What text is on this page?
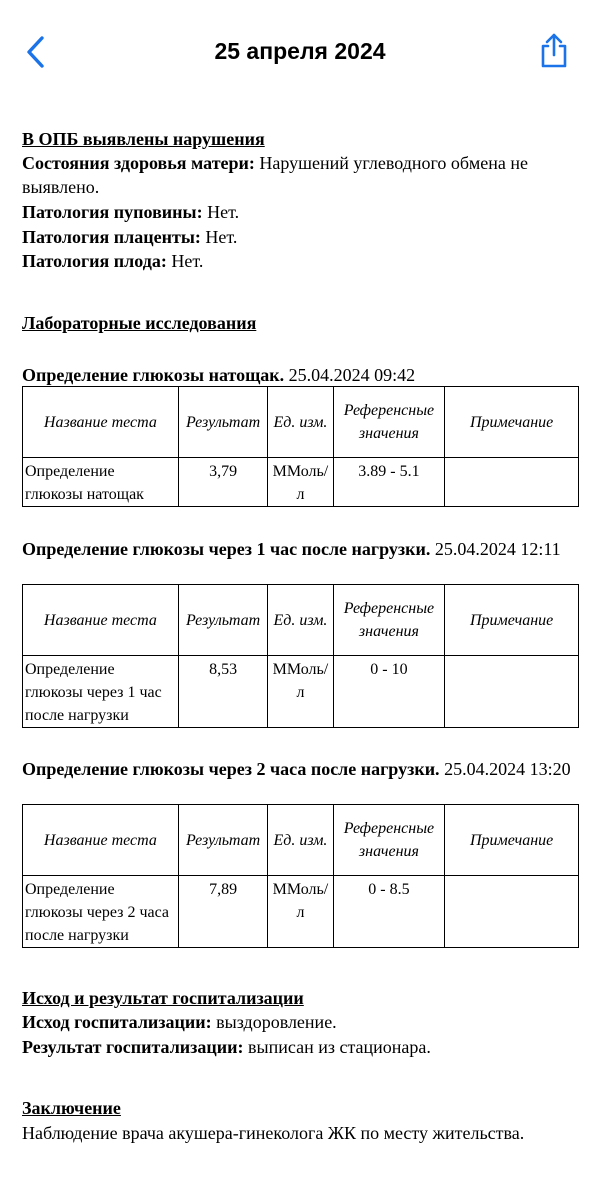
25 апреля 2024

В ОПБ выявлены нарушения

Состояния здоровья матери: Нарушений углеводного обмена не выявлено.

Патология пуповины: Нет.

Патология плаценты: Нет.

Патология плода: Нет.

Лабораторные исследования

Определение глюкозы натощак. 25.04.2024 09:42

Название теста	Результат	Ед. изм.	Референсные значения	Примечание
Определение глюкозы натощак	3,79	ММоль/л	3.89 - 5.1	

Определение глюкозы через 1 час после нагрузки. 25.04.2024 12:11

Название теста	Результат	Ед. изм.	Референсные значения	Примечание
Определение глюкозы через 1 час после нагрузки	8,53	ММоль/л	0 - 10	

Определение глюкозы через 2 часа после нагрузки. 25.04.2024 13:20

Название теста	Результат	Ед. изм.	Референсные значения	Примечание
Определение глюкозы через 2 часа после нагрузки	7,89	ММоль/л	0 - 8.5	

Исход и результат госпитализации

Исход госпитализации: выздоровление.

Результат госпитализации: выписан из стационара.

Заключение

Наблюдение врача акушера-гинеколога ЖК по месту жительства.
